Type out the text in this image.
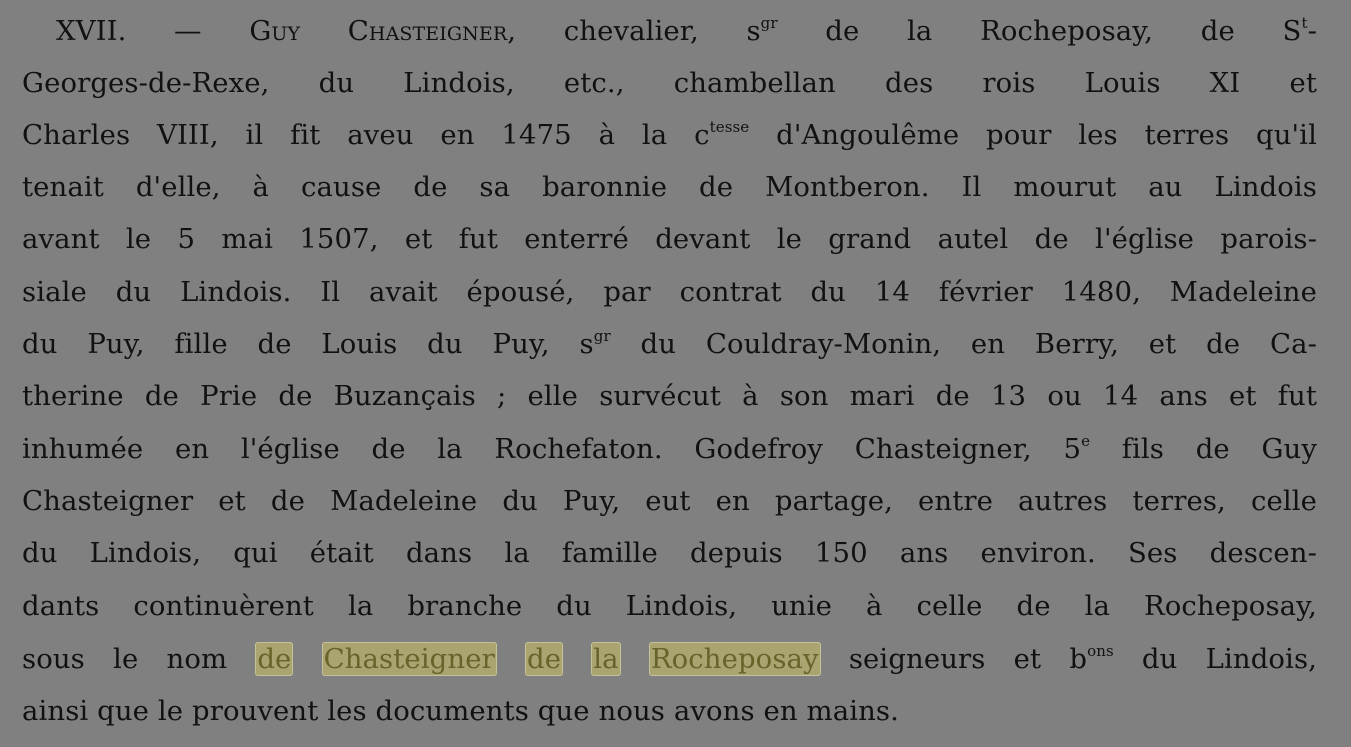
XVII. — Guy Chasteigner, chevalier, $s^{gr}$ de la Rocheposay, de $S^t-$
Georges-de-Rexe, du Lindois, etc., chambellan des rois Louis XI et
Charles VIII, il fit aveu en 1475 à la $c^{tesse}$ d'Angoulême pour les terres qu'il
tenait d'elle, à cause de sa baronnie de Montberon. Il mourut au Lindois
avant le 5 mai 1507, et fut enterré devant le grand autel de l'église parois-
siale du Lindois. Il avait épousé, par contrat du 14 février 1480, Madeleine
du Puy, fille de Louis du Puy, $s^{gr}$ du Couldray-Monin, en Berry, et de Ca-
therine de Prie de Buzançais ; elle survécut à son mari de 13 ou 14 ans et fut
inhumée en l'église de la Rochefaton. Godefroy Chasteigner, 5e fils de Guy
Chasteigner et de Madeleine du Puy, eut en partage, entre autres terres, celle
du Lindois, qui était dans la famille depuis 150 ans environ. Ses descen-
dants continuèrent la branche du Lindois, unie à celle de la Rocheposay,
sous le nom de Chasteigner de la Rocheposay seigneurs et $b^{ons}$ du Lindois,
ainsi que le prouvent les documents que nous avons en mains.
